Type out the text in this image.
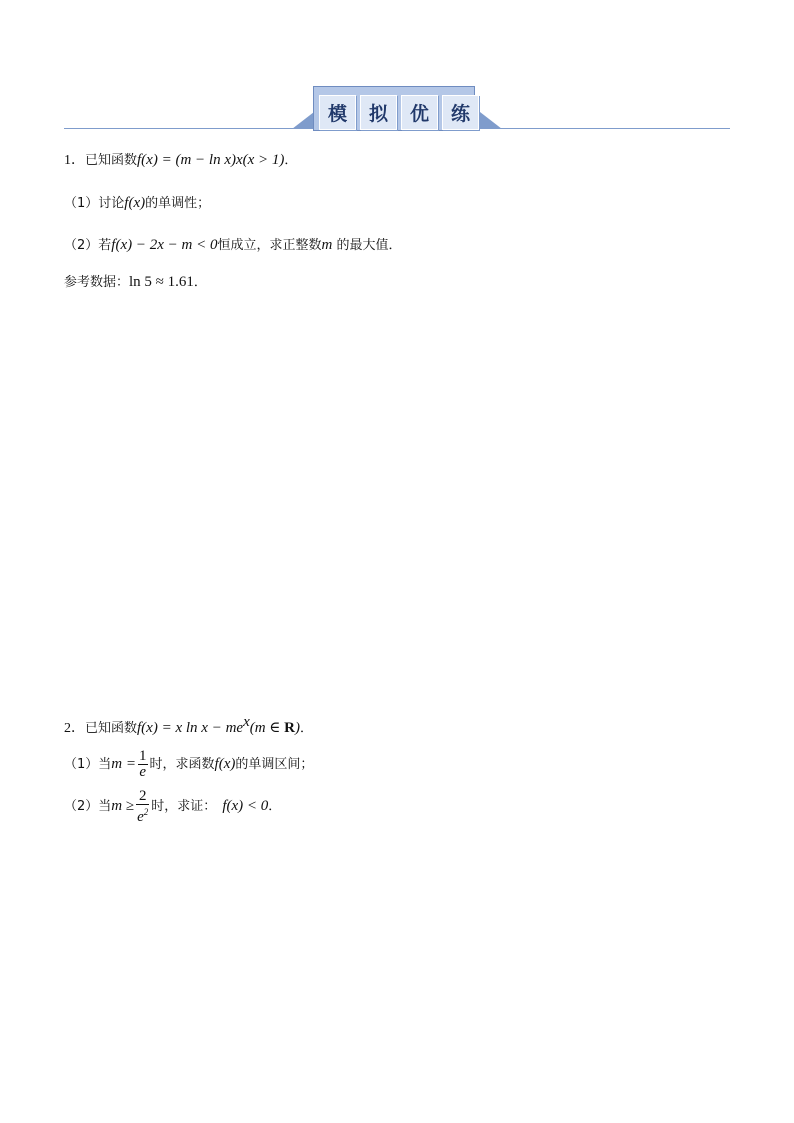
模	拟	优	练
1．已知函数f(x) = (m − ln x)x(x > 1)．
（1）讨论f(x)的单调性；
（2）若f(x) − 2x − m < 0恒成立，求正整数m 的最大值．
参考数据：ln 5 ≈ 1.61．
2．已知函数f(x) = x $\ln x - me^x(m$ ∈ R)．
（1）当$m = \frac{1}{e}$ 时，求函数f(x)的单调区间；
（2）当$m \ge \frac{2}{e^2}$ 时，求证： f(x) < 0．
